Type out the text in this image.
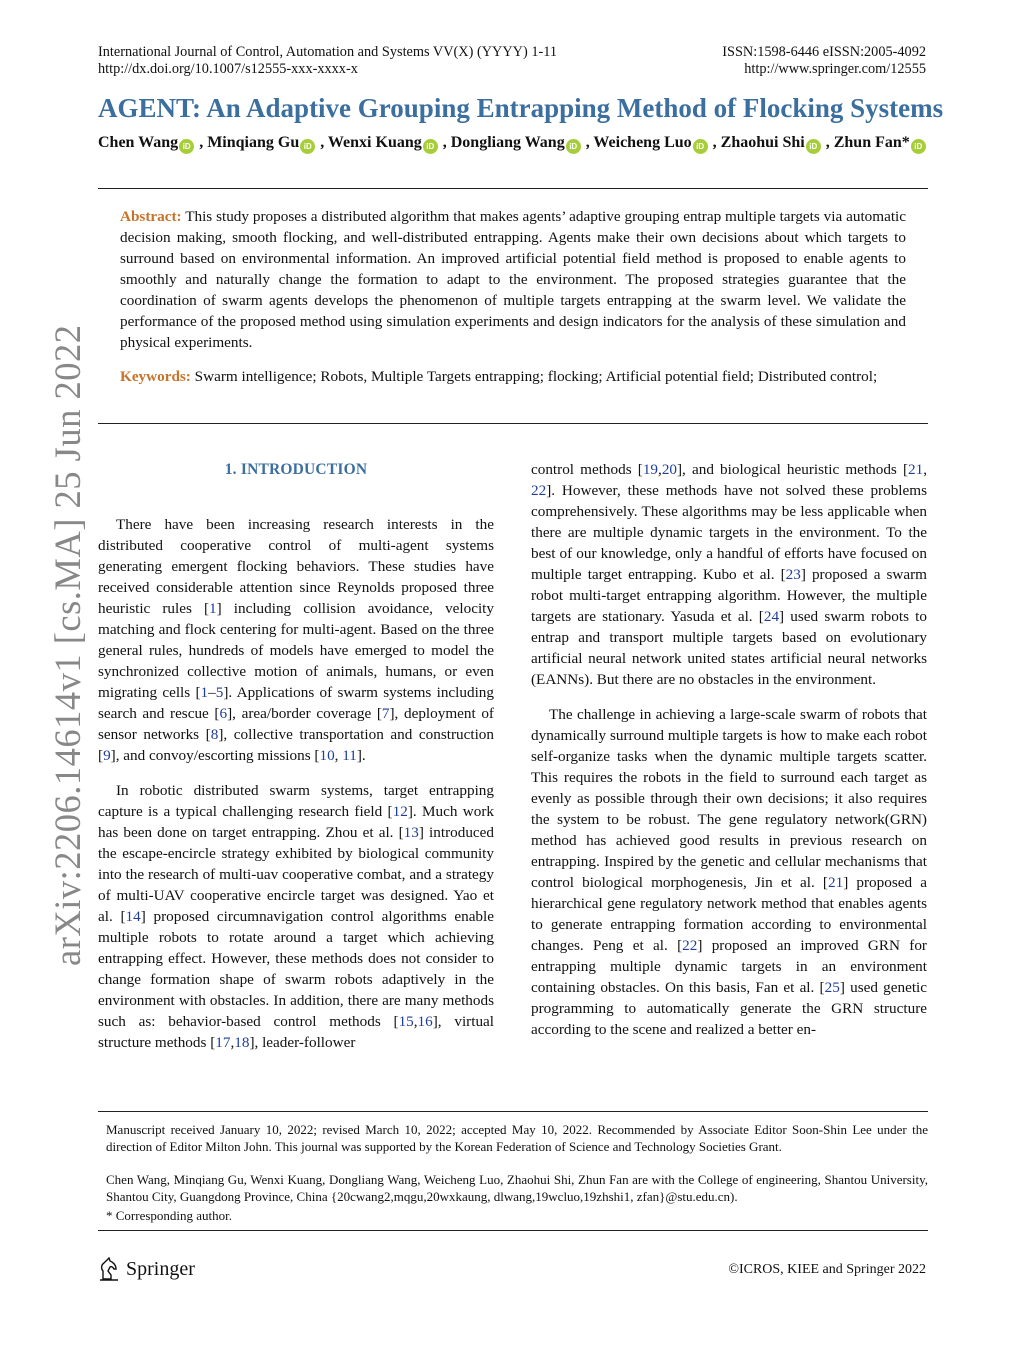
International Journal of Control, Automation and Systems VV(X) (YYYY) 1-11
http://dx.doi.org/10.1007/s12555-xxx-xxxx-x
ISSN:1598-6446 eISSN:2005-4092
http://www.springer.com/12555
AGENT: An Adaptive Grouping Entrapping Method of Flocking Systems
Chen Wang iD , Minqiang Gu iD , Wenxi Kuang iD , Dongliang Wang iD , Weicheng Luo iD , Zhaohui Shi iD , Zhun Fan* iD
Abstract: This study proposes a distributed algorithm that makes agents’ adaptive grouping entrap multiple targets via automatic decision making, smooth flocking, and well-distributed entrapping. Agents make their own decisions about which targets to surround based on environmental information. An improved artificial potential field method is proposed to enable agents to smoothly and naturally change the formation to adapt to the environment. The proposed strategies guarantee that the coordination of swarm agents develops the phenomenon of multiple targets entrapping at the swarm level. We validate the performance of the proposed method using simulation experiments and design indicators for the analysis of these simulation and physical experiments.
Keywords: Swarm intelligence; Robots, Multiple Targets entrapping; flocking; Artificial potential field; Distributed control;
1. INTRODUCTION

There have been increasing research interests in the distributed cooperative control of multi-agent systems generating emergent flocking behaviors. These studies have received considerable attention since Reynolds proposed three heuristic rules [1] including collision avoidance, velocity matching and flock centering for multi-agent. Based on the three general rules, hundreds of models have emerged to model the synchronized collective motion of animals, humans, or even migrating cells [1–5]. Applications of swarm systems including search and rescue [6], area/border coverage [7], deployment of sensor networks [8], collective transportation and construction [9], and convoy/escorting missions [10, 11].

In robotic distributed swarm systems, target entrapping capture is a typical challenging research field [12]. Much work has been done on target entrapping. Zhou et al. [13] introduced the escape-encircle strategy exhibited by biological community into the research of multi-uav cooperative combat, and a strategy of multi-UAV cooperative encircle target was designed. Yao et al. [14] proposed circumnavigation control algorithms enable multiple robots to rotate around a target which achieving entrapping effect. However, these methods does not consider to change formation shape of swarm robots adaptively in the environment with obstacles. In addition, there are many methods such as: behavior-based control methods [15,16], virtual structure methods [17,18], leader-follower

control methods [19,20], and biological heuristic methods [21, 22]. However, these methods have not solved these problems comprehensively. These algorithms may be less applicable when there are multiple dynamic targets in the environment. To the best of our knowledge, only a handful of efforts have focused on multiple target entrapping. Kubo et al. [23] proposed a swarm robot multi-target entrapping algorithm. However, the multiple targets are stationary. Yasuda et al. [24] used swarm robots to entrap and transport multiple targets based on evolutionary artificial neural network united states artificial neural networks (EANNs). But there are no obstacles in the environment.

The challenge in achieving a large-scale swarm of robots that dynamically surround multiple targets is how to make each robot self-organize tasks when the dynamic multiple targets scatter. This requires the robots in the field to surround each target as evenly as possible through their own decisions; it also requires the system to be robust. The gene regulatory network(GRN) method has achieved good results in previous research on entrapping. Inspired by the genetic and cellular mechanisms that control biological morphogenesis, Jin et al. [21] proposed a hierarchical gene regulatory network method that enables agents to generate entrapping formation according to environmental changes. Peng et al. [22] proposed an improved GRN for entrapping multiple dynamic targets in an environment containing obstacles. On this basis, Fan et al. [25] used genetic programming to automatically generate the GRN structure according to the scene and realized a better en-

Manuscript received January 10, 2022; revised March 10, 2022; accepted May 10, 2022. Recommended by Associate Editor Soon-Shin Lee under the direction of Editor Milton John. This journal was supported by the Korean Federation of Science and Technology Societies Grant.
Chen Wang, Minqiang Gu, Wenxi Kuang, Dongliang Wang, Weicheng Luo, Zhaohui Shi, Zhun Fan are with the College of engineering, Shantou University, Shantou City, Guangdong Province, China {20cwang2,mqgu,20wxkaung, dlwang,19wcluo,19zhshi1, zfan}@stu.edu.cn).
* Corresponding author.
arXiv:2206.14614v1 [cs.MA] 25 Jun 2022
Springer	©ICROS, KIEE and Springer 2022
